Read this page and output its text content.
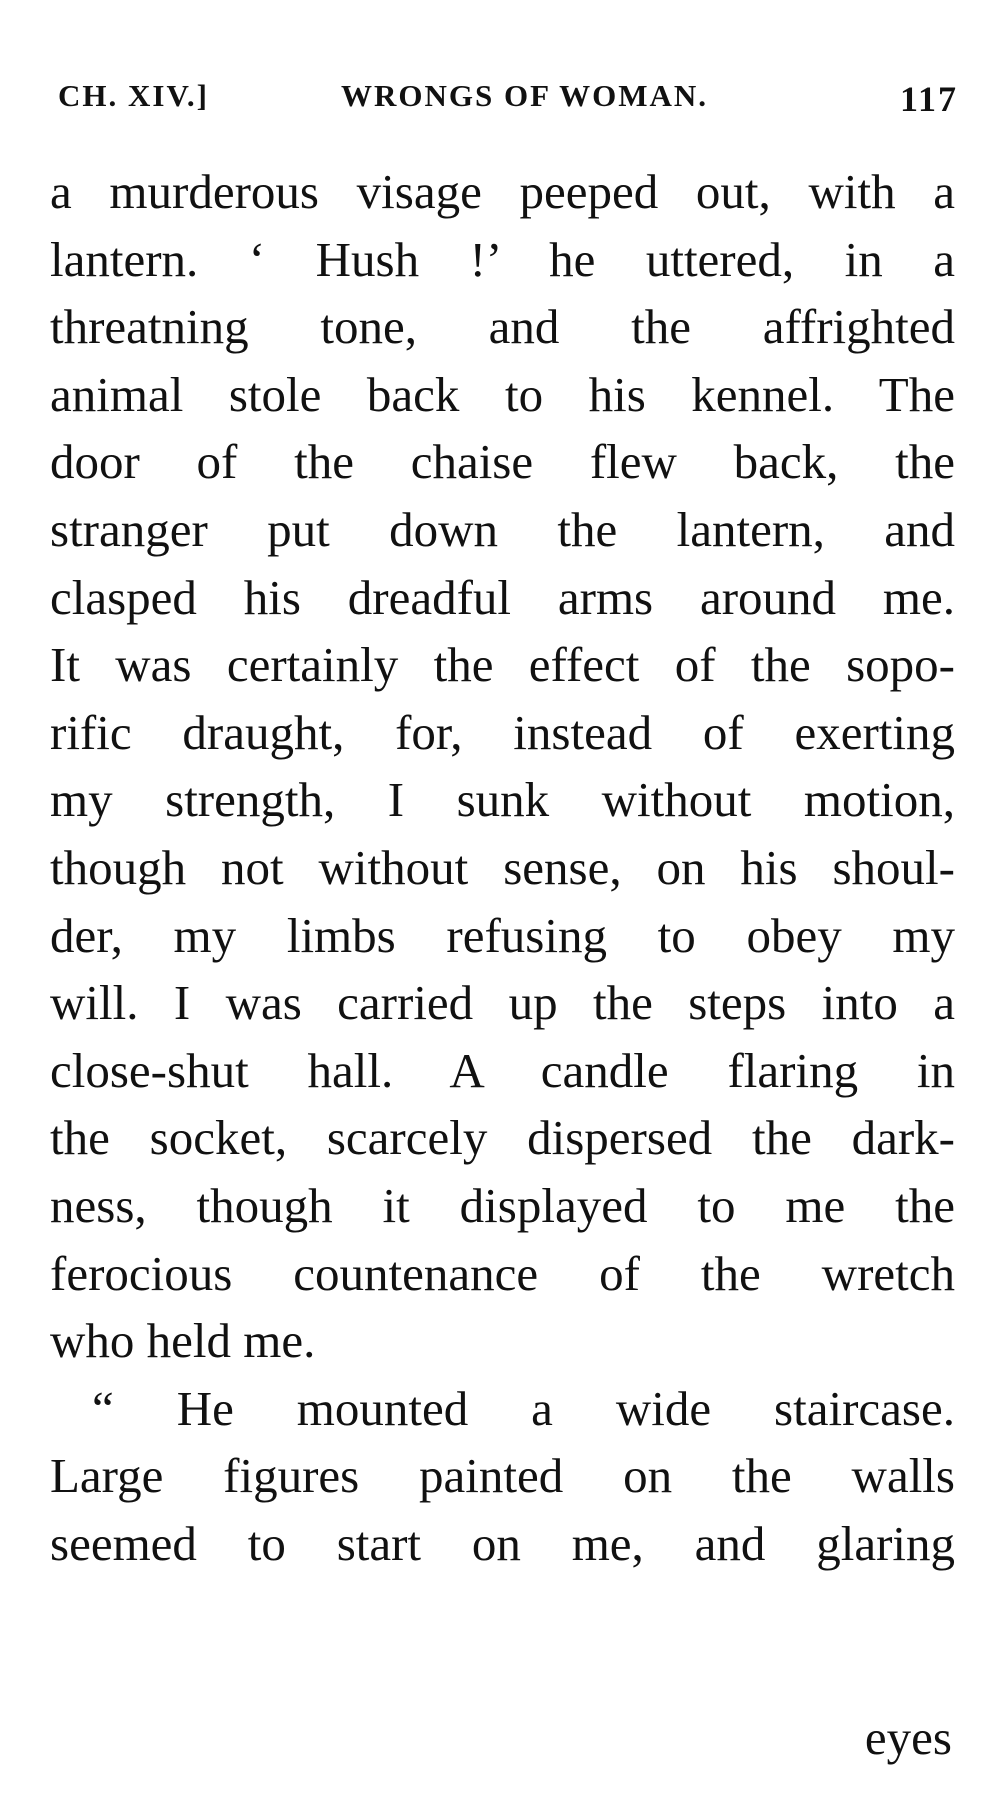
CH. XIV.]	WRONGS OF WOMAN.	117
a murderous visage peeped out, with a
lantern. ‘ Hush !’ he uttered, in a
threatning tone, and the affrighted
animal stole back to his kennel. The
door of the chaise flew back, the
stranger put down the lantern, and
clasped his dreadful arms around me.
It was certainly the effect of the sopo-
rific draught, for, instead of exerting
my strength, I sunk without motion,
though not without sense, on his shoul-
der, my limbs refusing to obey my
will. I was carried up the steps into a
close-shut hall. A candle flaring in
the socket, scarcely dispersed the dark-
ness, though it displayed to me the
ferocious countenance of the wretch
who held me.
“ He mounted a wide staircase.
Large figures painted on the walls
seemed to start on me, and glaring
eyes
